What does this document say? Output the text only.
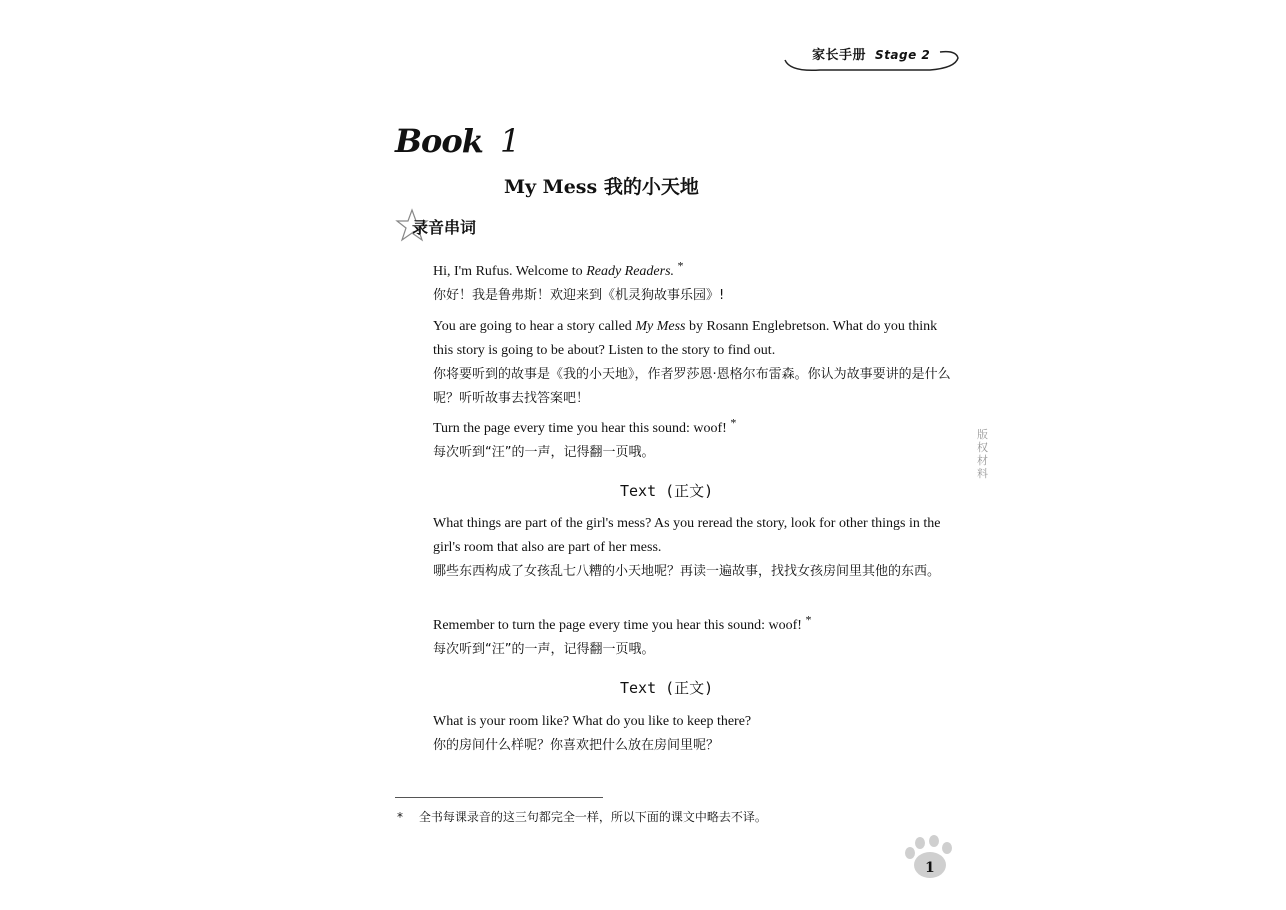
家长手册 Stage 2
Book 1
My Mess 我的小天地
录音串词
Hi, I'm Rufus. Welcome to Ready Readers. *
你好！我是鲁弗斯！欢迎来到《机灵狗故事乐园》!
You are going to hear a story called My Mess by Rosann Englebretson. What do you think this story is going to be about? Listen to the story to find out.
你将要听到的故事是《我的小天地》，作者罗莎恩·恩格尔布雷森。你认为故事要讲的是什么呢？听听故事去找答案吧！
Turn the page every time you hear this sound: woof! *
每次听到“汪”的一声，记得翻一页哦。
Text (正文)
What things are part of the girl's mess? As you reread the story, look for other things in the girl's room that also are part of her mess.
哪些东西构成了女孩乱七八糟的小天地呢？再读一遍故事，找找女孩房间里其他的东西。
Remember to turn the page every time you hear this sound: woof! *
每次听到“汪”的一声，记得翻一页哦。
Text (正文)
What is your room like? What do you like to keep there?
你的房间什么样呢？你喜欢把什么放在房间里呢？
版权材料
* 全书每课录音的这三句都完全一样，所以下面的课文中略去不译。
1
